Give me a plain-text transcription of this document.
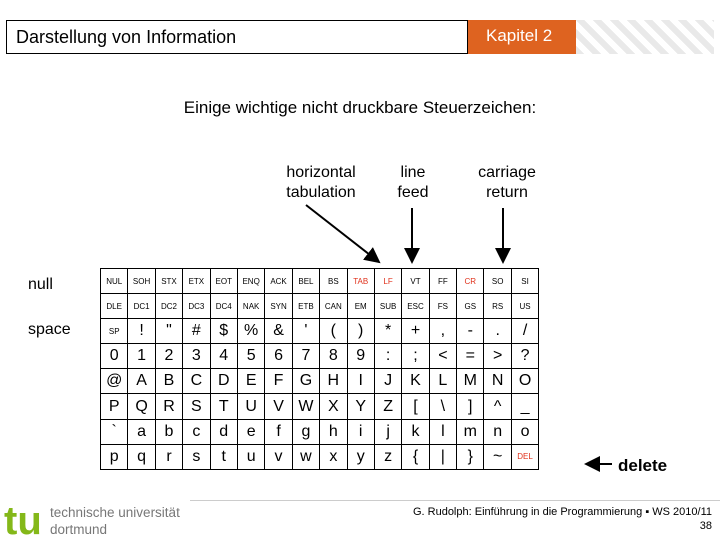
Darstellung von Information	Kapitel 2
Einige wichtige nicht druckbare Steuerzeichen:
horizontal
tabulation
line
feed
carriage
return
null
space
NUL	SOH	STX	ETX	EOT	ENQ	ACK	BEL	BS	TAB	LF	VT	FF	CR	SO	SI
DLE	DC1	DC2	DC3	DC4	NAK	SYN	ETB	CAN	EM	SUB	ESC	FS	GS	RS	US
SP	!	"	#	$	%	&	'	(	)	*	+	,	-	.	/
0	1	2	3	4	5	6	7	8	9	:	;	<	=	>	?
@	A	B	C	D	E	F	G	H	I	J	K	L	M	N	O
P	Q	R	S	T	U	V	W	X	Y	Z	[	\	]	^	_
`	a	b	c	d	e	f	g	h	i	j	k	l	m	n	o
p	q	r	s	t	u	v	w	x	y	z	{	|	}	~	DEL	delete
tu technische universität
dortmund
G. Rudolph: Einführung in die Programmierung ▪ WS 2010/11
38
